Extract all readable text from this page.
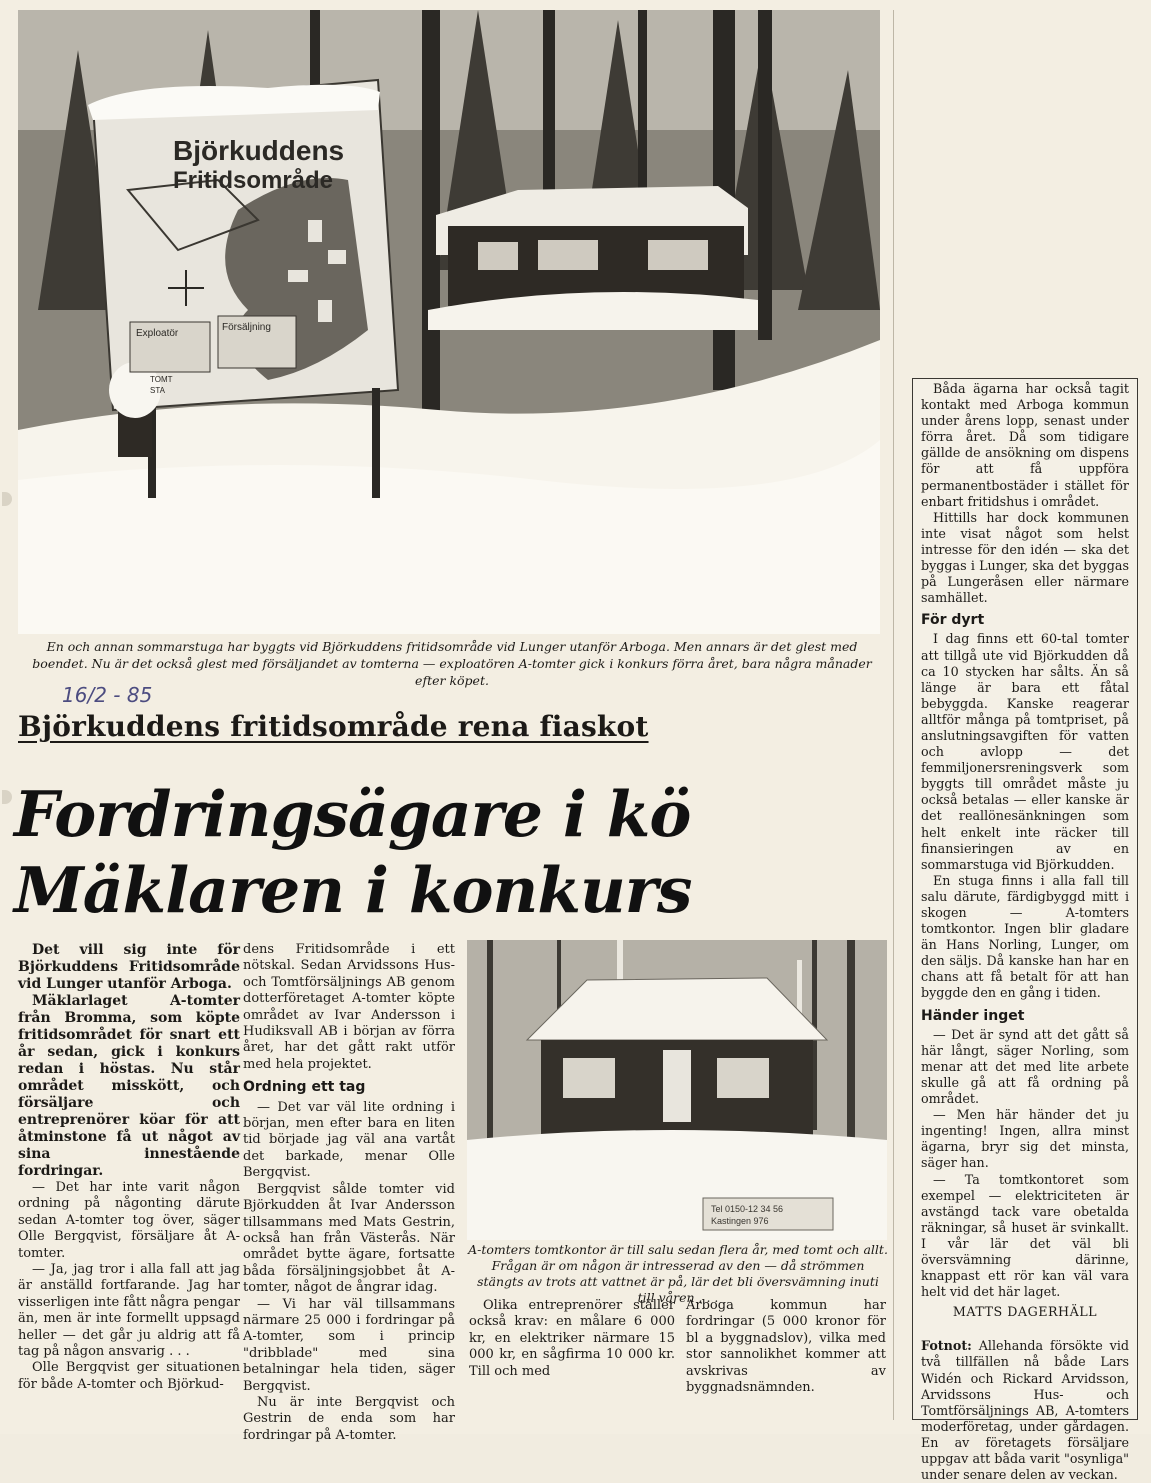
Björkuddens
Fritidsområde
Exploatör
Försäljning
TOMT
STA
En och annan sommarstuga har byggts vid Björkuddens fritidsområde vid Lunger utanför Arboga. Men annars är det glest med boendet. Nu är det också glest med försäljandet av tomterna — exploatören A-tomter gick i konkurs förra året, bara några månader efter köpet.
16/2 - 85
Björkuddens fritidsområde rena fiaskot
Fordringsägare i kö
Mäklaren i konkurs

Det vill sig inte för Björkuddens Fritidsområde vid Lunger utanför Arboga.

Mäklarlaget A-tomter från Bromma, som köpte fritidsområdet för snart ett år sedan, gick i konkurs redan i höstas. Nu står området misskött, och försäljare och entreprenörer köar för att åtminstone få ut något av sina innestående fordringar.

— Det har inte varit någon ordning på någonting därute sedan A-tomter tog över, säger Olle Bergqvist, försäljare åt A-tomter.

— Ja, jag tror i alla fall att jag är anställd fortfarande. Jag har visserligen inte fått några pengar än, men är inte formellt uppsagd heller — det går ju aldrig att få tag på någon ansvarig . . .

Olle Bergqvist ger situationen för både A-tomter och Björkud-

dens Fritidsområde i ett nötskal. Sedan Arvidssons Hus- och Tomtförsäljnings AB genom dotterföretaget A-tomter köpte området av Ivar Andersson i Hudiksvall AB i början av förra året, har det gått rakt utför med hela projektet.

Ordning ett tag

— Det var väl lite ordning i början, men efter bara en liten tid började jag väl ana vartåt det barkade, menar Olle Bergqvist.

Bergqvist sålde tomter vid Björkudden åt Ivar Andersson tillsammans med Mats Gestrin, också han från Västerås. När området bytte ägare, fortsatte båda försäljningsjobbet åt A-tomter, något de ångrar idag.

— Vi har väl tillsammans närmare 25 000 i fordringar på A-tomter, som i princip "dribblade" med sina betalningar hela tiden, säger Bergqvist.

Nu är inte Bergqvist och Gestrin de enda som har fordringar på A-tomter.

Tel 0150-12 34 56
Kastingen 976
A-tomters tomtkontor är till salu sedan flera år, med tomt och allt. Frågan är om någon är intresserad av den — då strömmen stängts av trots att vattnet är på, lär det bli översvämning inuti till våren . . .

Olika entreprenörer ställer också krav: en målare 6 000 kr, en elektriker närmare 15 000 kr, en sågfirma 10 000 kr. Till och med

Arboga kommun har fordringar (5 000 kronor för bl a byggnadslov), vilka med stor sannolikhet kommer att avskrivas av byggnadsnämnden.

Båda ägarna har också tagit kontakt med Arboga kommun under årens lopp, senast under förra året. Då som tidigare gällde de ansökning om dispens för att få uppföra permanentbostäder i stället för enbart fritidshus i området.

Hittills har dock kommunen inte visat något som helst intresse för den idén — ska det byggas i Lunger, ska det byggas på Lungeråsen eller närmare samhället.

För dyrt

I dag finns ett 60-tal tomter att tillgå ute vid Björkudden då ca 10 stycken har sålts. Än så länge är bara ett fåtal bebyggda. Kanske reagerar alltför många på tomtpriset, på anslutningsavgiften för vatten och avlopp — det femmiljonersreningsverk som byggts till området måste ju också betalas — eller kanske är det reallönesänkningen som helt enkelt inte räcker till finansieringen av en sommarstuga vid Björkudden.

En stuga finns i alla fall till salu därute, färdigbyggd mitt i skogen — A-tomters tomtkontor. Ingen blir gladare än Hans Norling, Lunger, om den säljs. Då kanske han har en chans att få betalt för att han byggde den en gång i tiden.

Händer inget

— Det är synd att det gått så här långt, säger Norling, som menar att det med lite arbete skulle gå att få ordning på området.

— Men här händer det ju ingenting! Ingen, allra minst ägarna, bryr sig det minsta, säger han.

— Ta tomtkontoret som exempel — elektriciteten är avstängd tack vare obetalda räkningar, så huset är svinkallt. I vår lär det väl bli översvämning därinne, knappast ett rör kan väl vara helt vid det här laget.

MATTS DAGERHÄLL

Fotnot: Allehanda försökte vid två tillfällen nå både Lars Widén och Rickard Arvidsson, Arvidssons Hus- och Tomtförsäljnings AB, A-tomters moderföretag, under gårdagen. En av företagets försäljare uppgav att båda varit "osynliga" under senare delen av veckan.
